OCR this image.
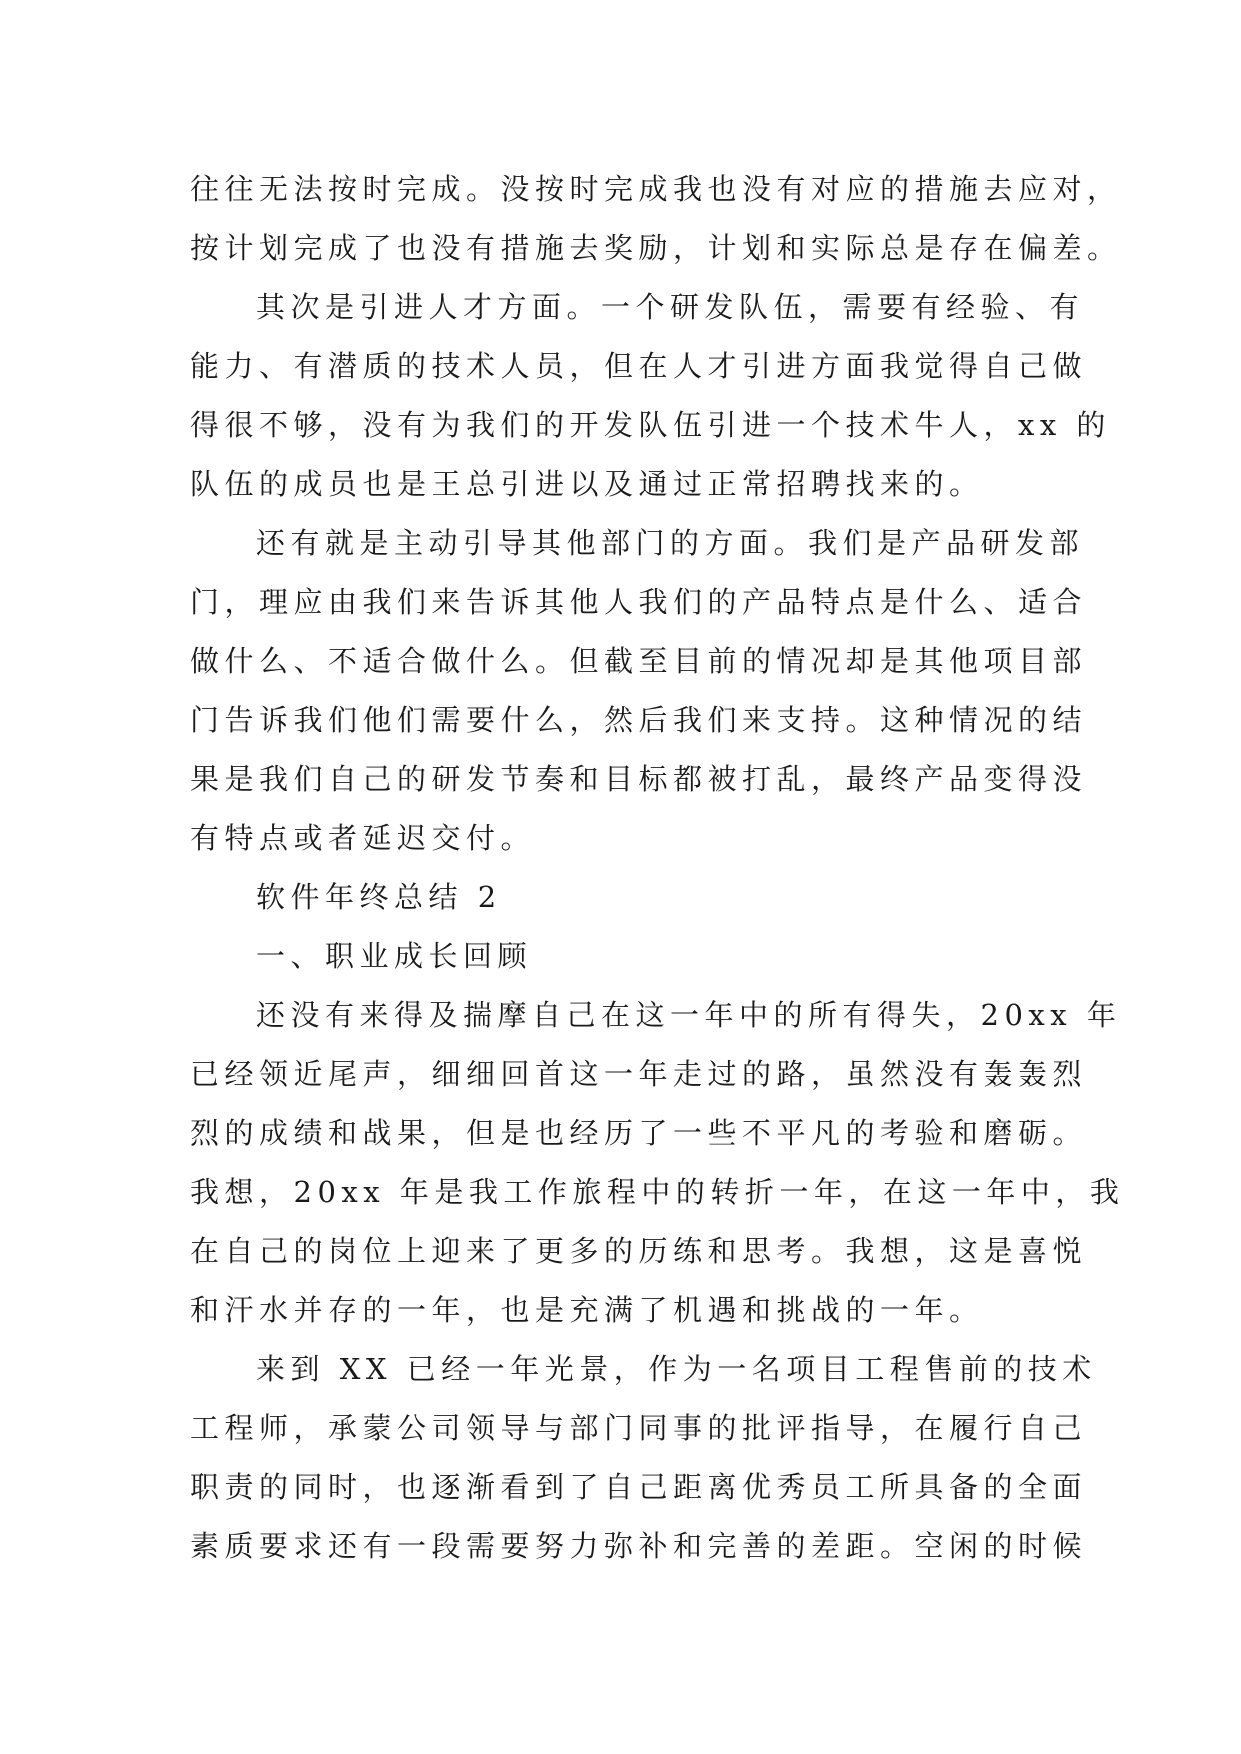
往往无法按时完成。没按时完成我也没有对应的措施去应对，
按计划完成了也没有措施去奖励，计划和实际总是存在偏差。
其次是引进人才方面。一个研发队伍，需要有经验、有
能力、有潜质的技术人员，但在人才引进方面我觉得自己做
得很不够，没有为我们的开发队伍引进一个技术牛人，xx 的
队伍的成员也是王总引进以及通过正常招聘找来的。
还有就是主动引导其他部门的方面。我们是产品研发部
门，理应由我们来告诉其他人我们的产品特点是什么、适合
做什么、不适合做什么。但截至目前的情况却是其他项目部
门告诉我们他们需要什么，然后我们来支持。这种情况的结
果是我们自己的研发节奏和目标都被打乱，最终产品变得没
有特点或者延迟交付。
软件年终总结 2
一、职业成长回顾
还没有来得及揣摩自己在这一年中的所有得失，20xx 年
已经领近尾声，细细回首这一年走过的路，虽然没有轰轰烈
烈的成绩和战果，但是也经历了一些不平凡的考验和磨砺。
我想，20xx 年是我工作旅程中的转折一年，在这一年中，我
在自己的岗位上迎来了更多的历练和思考。我想，这是喜悦
和汗水并存的一年，也是充满了机遇和挑战的一年。
来到 XX 已经一年光景，作为一名项目工程售前的技术
工程师，承蒙公司领导与部门同事的批评指导，在履行自己
职责的同时，也逐渐看到了自己距离优秀员工所具备的全面
素质要求还有一段需要努力弥补和完善的差距。空闲的时候
